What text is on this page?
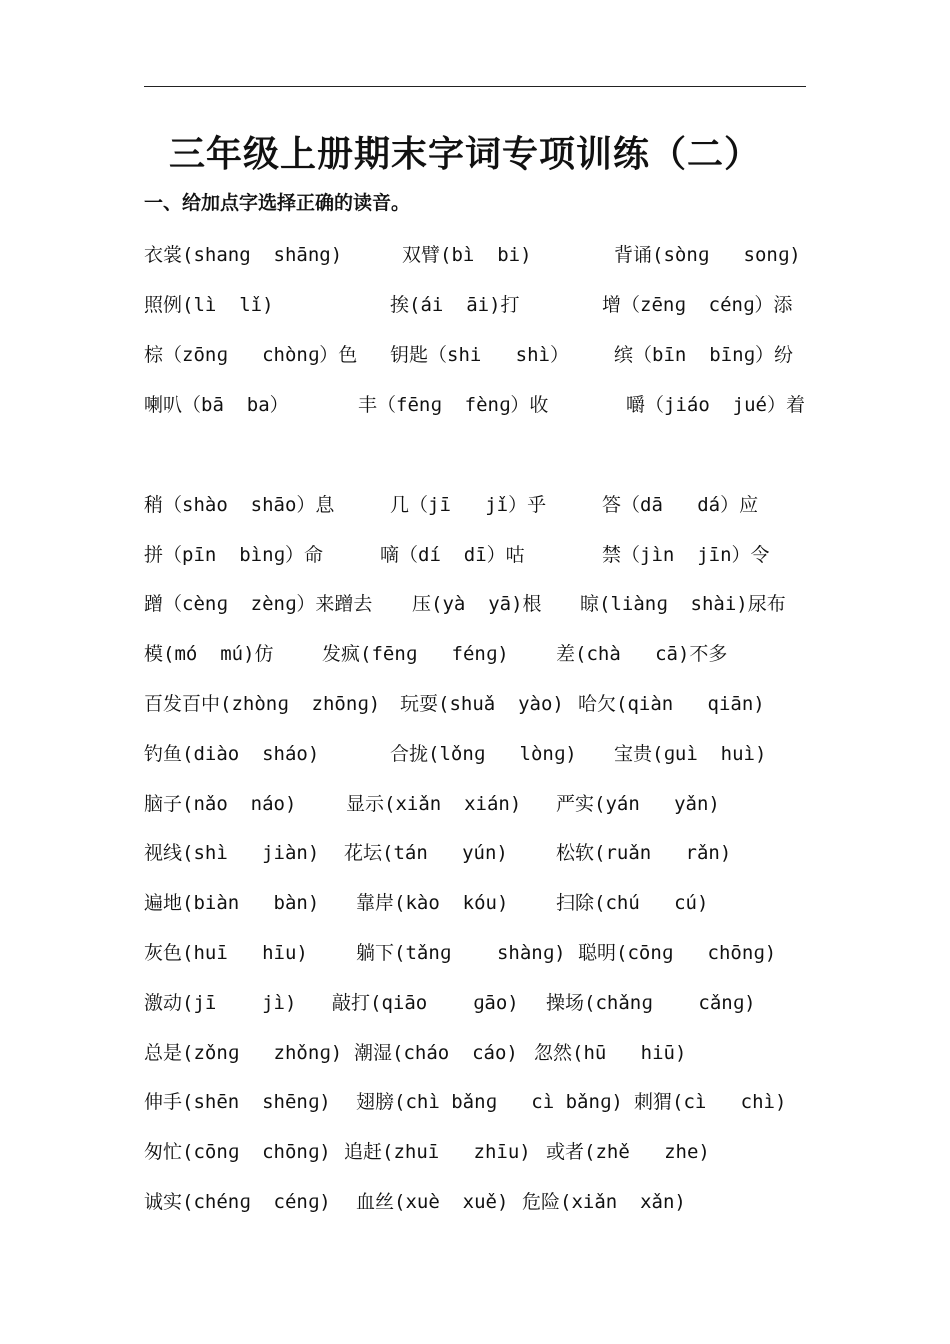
三年级上册期末字词专项训练（二）
一、给加点字选择正确的读音。
衣裳(shang  shāng)	双臂(bì  bi)	背诵(sònɡ   sonɡ)
照例(lì  lǐ)	挨(ái  āi)打	增（zēnɡ  cénɡ）添
棕（zōnɡ   chònɡ）色 钥匙（shi   shì） 缤（bīn  bīnɡ）纷
喇叭（bā  ba）	丰（fēnɡ  fènɡ）收	嚼（jiáo  jué）着
稍（shào  shāo）息	几（jī   jǐ）乎	答（dā   dá）应
拼（pīn  bìnɡ）命	嘀（dí  dī）咕	禁（jìn  jīn）令
蹭（cènɡ  zènɡ）来蹭去 压(yà  yā)根 晾(liànɡ  shài)尿布
模(mó  mú)仿	发疯(fēnɡ   fénɡ) 差(chà   cā)不多
百发百中(zhònɡ  zhōnɡ) 玩耍(shuǎ  yào) 哈欠(qiàn   qiān)
钓鱼(diào  sháo)	合拢(lǒnɡ   lònɡ) 宝贵(ɡuì  huì)
脑子(nǎo  náo)	显示(xiǎn  xián) 严实(yán   yǎn)
视线(shì   jiàn) 花坛(tán   yún)	松软(ruǎn   rǎn)
遍地(biàn   bàn) 靠岸(kào  kóu)	扫除(chú   cú)
灰色(huī   hīu)	躺下(tǎnɡ    shànɡ) 聪明(cōnɡ   chōnɡ)
激动(jī    jì) 敲打(qiāo    ɡāo) 操场(chǎnɡ    cǎnɡ)
总是(zǒnɡ   zhǒnɡ) 潮湿(cháo  cáo) 忽然(hū   hiū)
伸手(shēn  shēnɡ) 翅膀(chì bǎnɡ   cì bǎnɡ) 刺猬(cì   chì)
匆忙(cōnɡ  chōnɡ) 追赶(zhuī   zhīu) 或者(zhě   zhe)
诚实(chénɡ  cénɡ) 血丝(xuè  xuě) 危险(xiǎn  xǎn)
